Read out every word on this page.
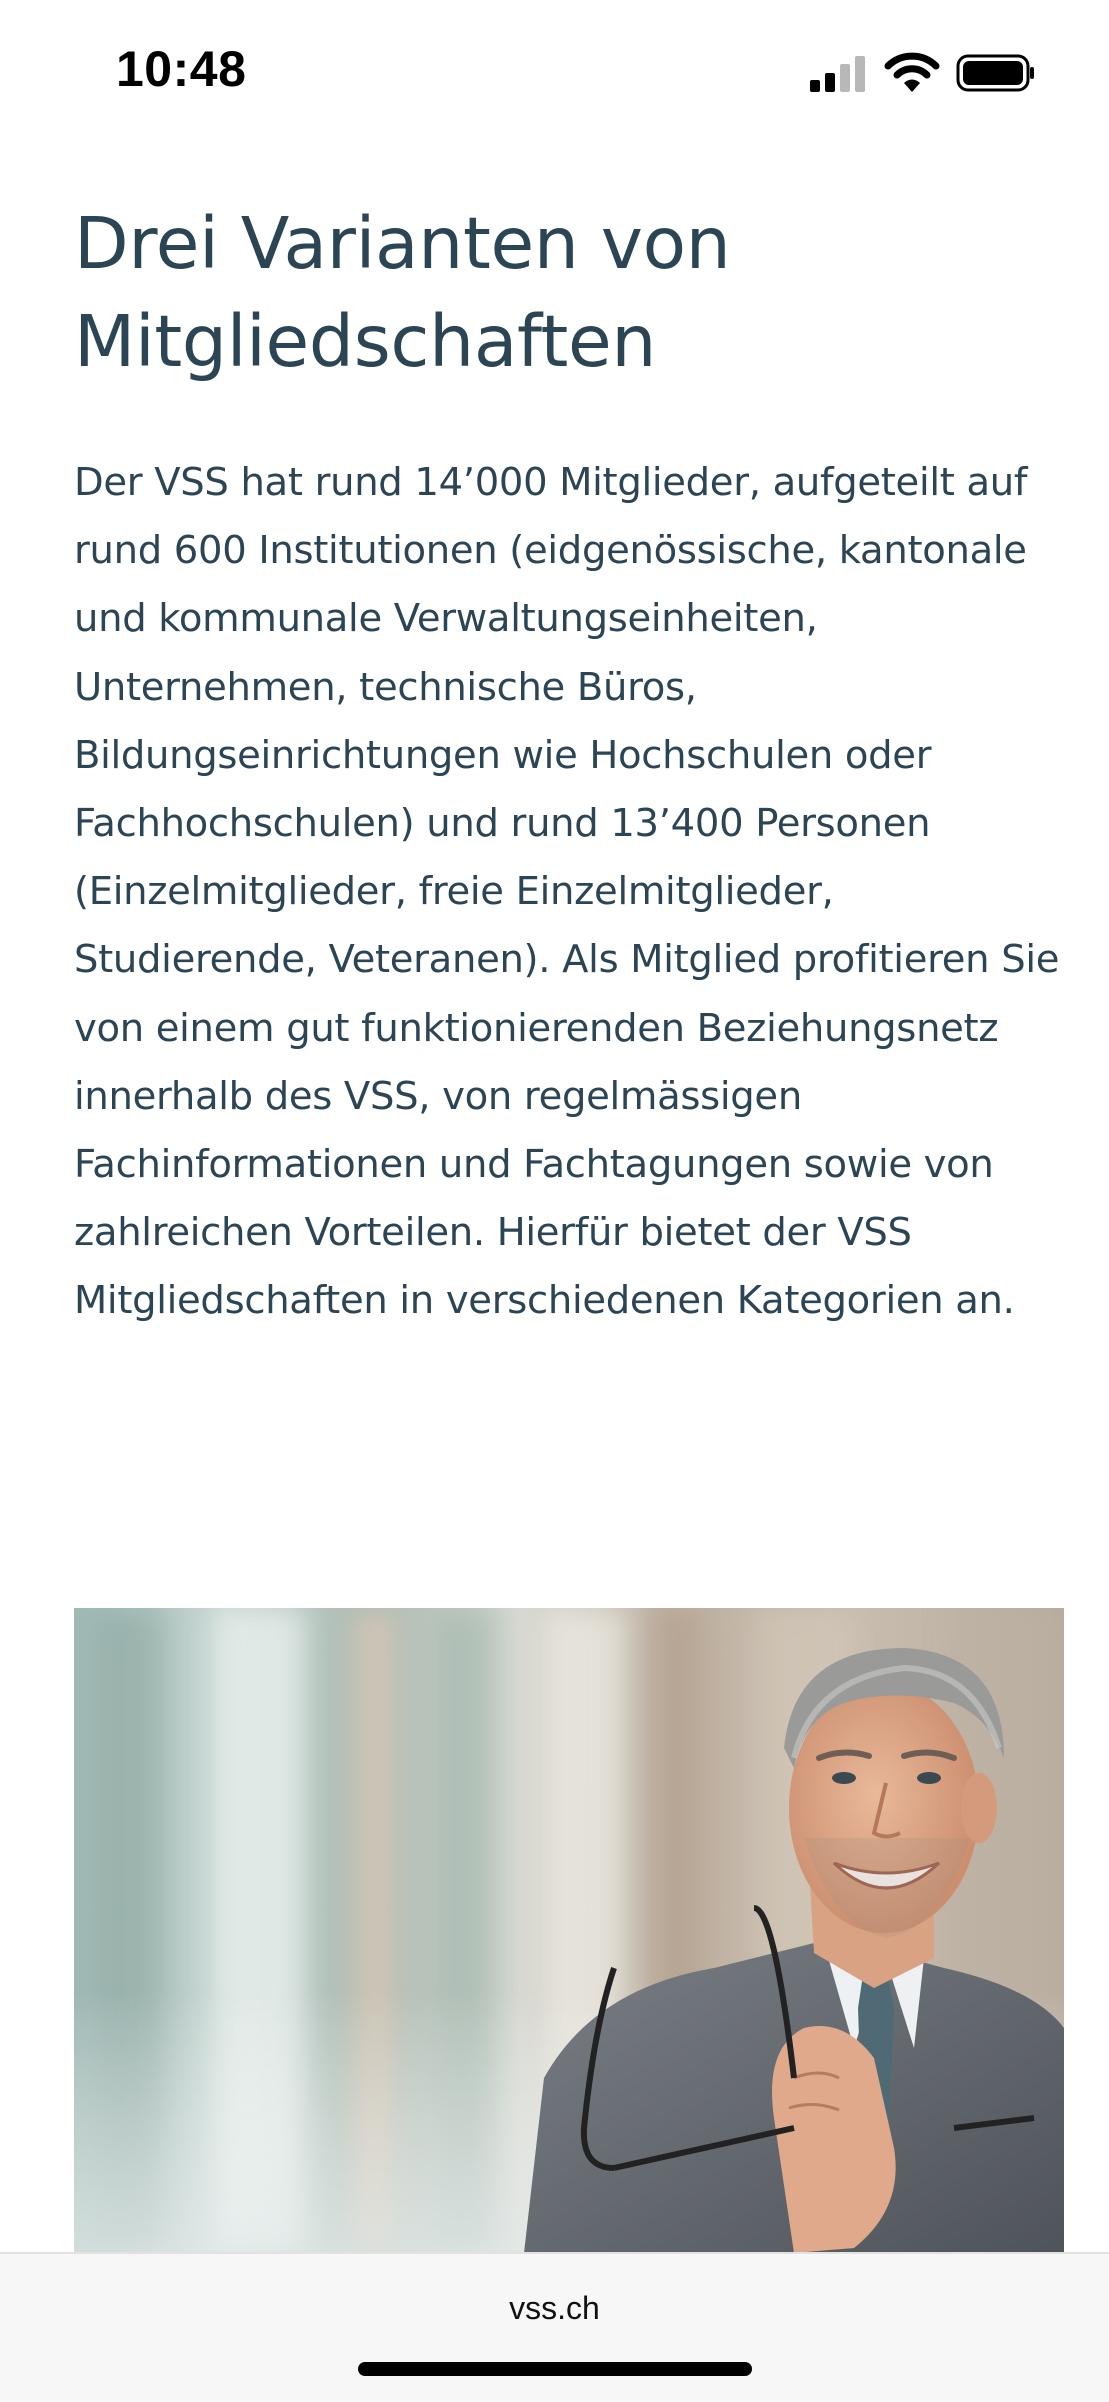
10:48
Drei Varianten von Mitgliedschaften

Der VSS hat rund 14’000 Mitglieder, aufgeteilt auf rund 600 Institutionen (eidgenössische, kantonale und kommunale Verwaltungseinheiten, Unternehmen, technische Büros, Bildungseinrichtungen wie Hochschulen oder Fachhochschulen) und rund 13’400 Personen (Einzelmitglieder, freie Einzelmitglieder, Studierende, Veteranen). Als Mitglied profitieren Sie von einem gut funktionierenden Beziehungsnetz innerhalb des VSS, von regelmässigen Fachinformationen und Fachtagungen sowie von zahlreichen Vorteilen. Hierfür bietet der VSS Mitgliedschaften in verschiedenen Kategorien an.

vss.ch
